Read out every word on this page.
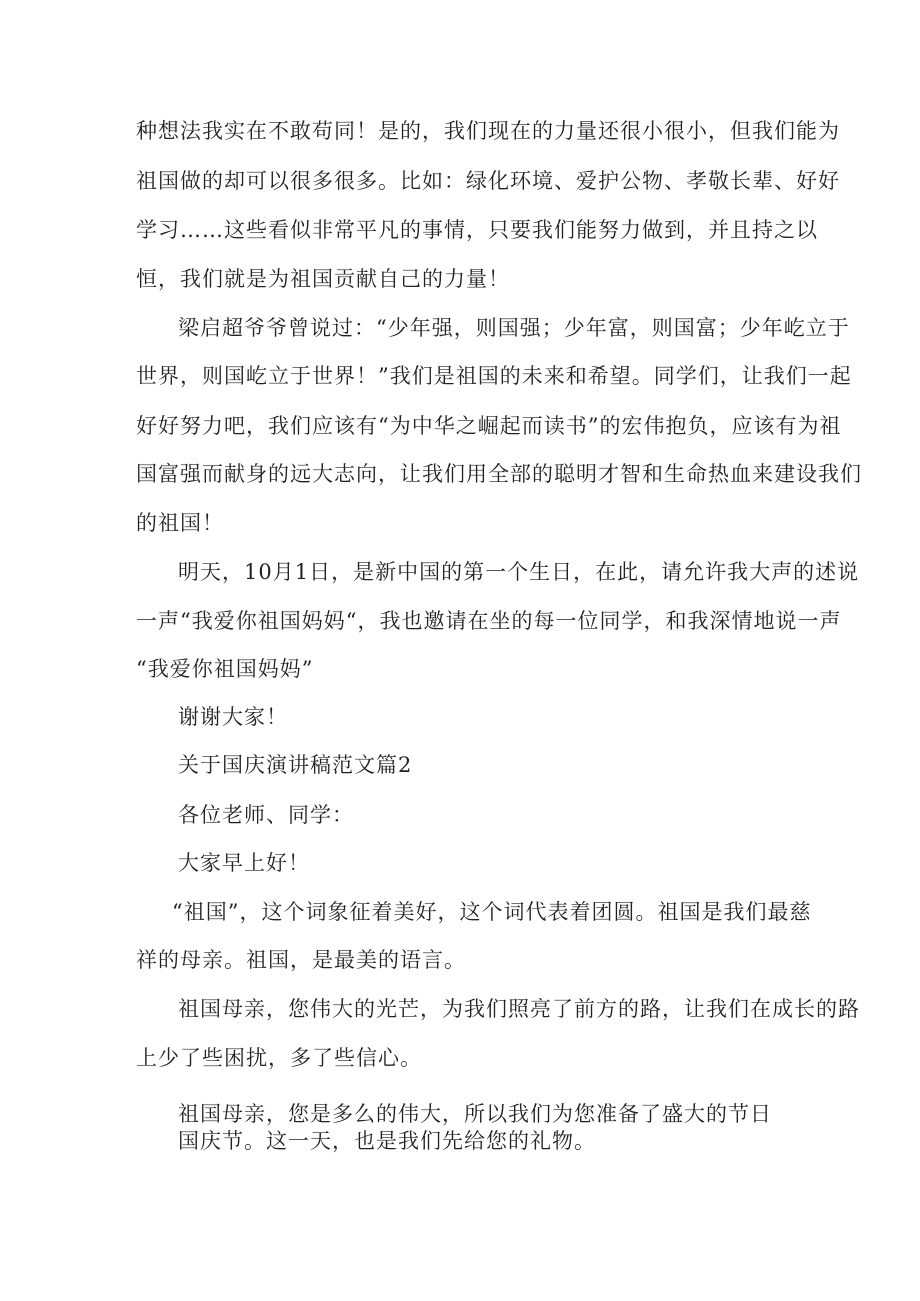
种想法我实在不敢苟同！是的，我们现在的力量还很小很小，但我们能为
祖国做的却可以很多很多。比如：绿化环境、爱护公物、孝敬长辈、好好
学习……这些看似非常平凡的事情，只要我们能努力做到，并且持之以
恒，我们就是为祖国贡献自己的力量！
梁启超爷爷曾说过：“少年强，则国强；少年富，则国富；少年屹立于
世界，则国屹立于世界！”我们是祖国的未来和希望。同学们，让我们一起
好好努力吧，我们应该有“为中华之崛起而读书”的宏伟抱负，应该有为祖
国富强而献身的远大志向，让我们用全部的聪明才智和生命热血来建设我们
的祖国！
明天，10月1日，是新中国的第一个生日，在此，请允许我大声的述说
一声“我爱你祖国妈妈“，我也邀请在坐的每一位同学，和我深情地说一声
“我爱你祖国妈妈”
谢谢大家！
关于国庆演讲稿范文篇2
各位老师、同学：
大家早上好！
“祖国”，这个词象征着美好，这个词代表着团圆。祖国是我们最慈
祥的母亲。祖国，是最美的语言。
祖国母亲，您伟大的光芒，为我们照亮了前方的路，让我们在成长的路
上少了些困扰，多了些信心。
祖国母亲，您是多么的伟大，所以我们为您准备了盛大的节日
国庆节。这一天，也是我们先给您的礼物。
